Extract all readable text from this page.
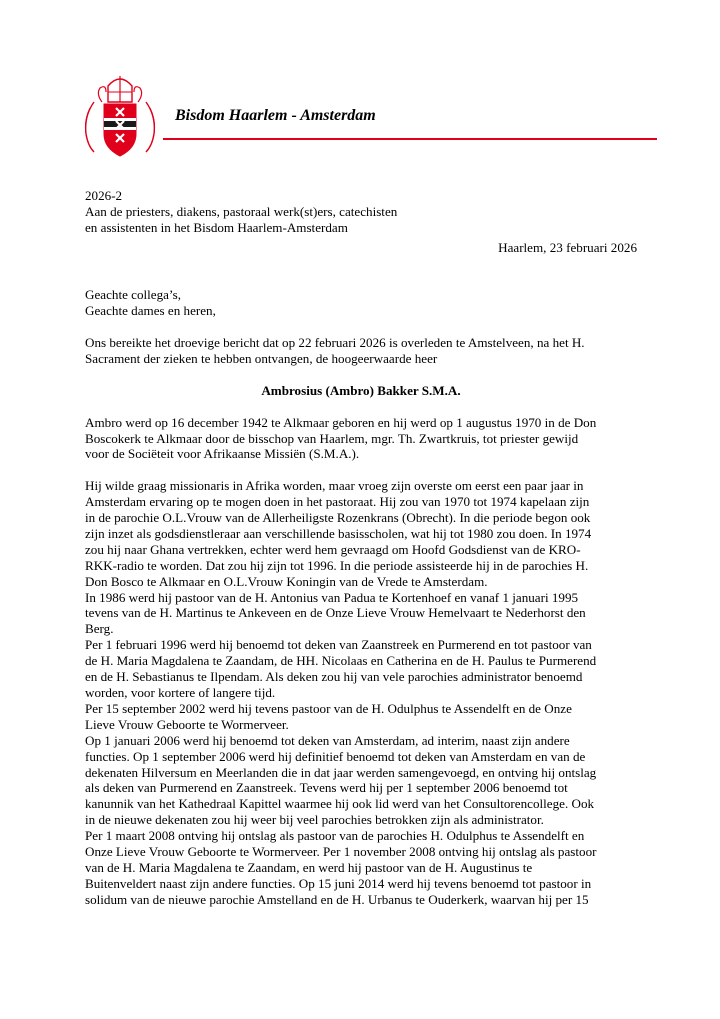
Bisdom Haarlem - Amsterdam
2026-2
Aan de priesters, diakens, pastoraal werk(st)ers, catechisten
en assistenten in het Bisdom Haarlem-Amsterdam
Haarlem, 23 februari 2026
Geachte collega’s,
Geachte dames en heren,
Ons bereikte het droevige bericht dat op 22 februari 2026 is overleden te Amstelveen, na het H.
Sacrament der zieken te hebben ontvangen, de hoogeerwaarde heer
Ambrosius (Ambro) Bakker S.M.A.
Ambro werd op 16 december 1942 te Alkmaar geboren en hij werd op 1 augustus 1970 in de Don
Boscokerk te Alkmaar door de bisschop van Haarlem, mgr. Th. Zwartkruis, tot priester gewijd
voor de Sociëteit voor Afrikaanse Missiën (S.M.A.).
Hij wilde graag missionaris in Afrika worden, maar vroeg zijn overste om eerst een paar jaar in
Amsterdam ervaring op te mogen doen in het pastoraat. Hij zou van 1970 tot 1974 kapelaan zijn
in de parochie O.L.Vrouw van de Allerheiligste Rozenkrans (Obrecht). In die periode begon ook
zijn inzet als godsdienstleraar aan verschillende basisscholen, wat hij tot 1980 zou doen. In 1974
zou hij naar Ghana vertrekken, echter werd hem gevraagd om Hoofd Godsdienst van de KRO-
RKK-radio te worden. Dat zou hij zijn tot 1996. In die periode assisteerde hij in de parochies H.
Don Bosco te Alkmaar en O.L.Vrouw Koningin van de Vrede te Amsterdam.
In 1986 werd hij pastoor van de H. Antonius van Padua te Kortenhoef en vanaf 1 januari 1995
tevens van de H. Martinus te Ankeveen en de Onze Lieve Vrouw Hemelvaart te Nederhorst den
Berg.
Per 1 februari 1996 werd hij benoemd tot deken van Zaanstreek en Purmerend en tot pastoor van
de H. Maria Magdalena te Zaandam, de HH. Nicolaas en Catherina en de H. Paulus te Purmerend
en de H. Sebastianus te Ilpendam. Als deken zou hij van vele parochies administrator benoemd
worden, voor kortere of langere tijd.
Per 15 september 2002 werd hij tevens pastoor van de H. Odulphus te Assendelft en de Onze
Lieve Vrouw Geboorte te Wormerveer.
Op 1 januari 2006 werd hij benoemd tot deken van Amsterdam, ad interim, naast zijn andere
functies. Op 1 september 2006 werd hij definitief benoemd tot deken van Amsterdam en van de
dekenaten Hilversum en Meerlanden die in dat jaar werden samengevoegd, en ontving hij ontslag
als deken van Purmerend en Zaanstreek. Tevens werd hij per 1 september 2006 benoemd tot
kanunnik van het Kathedraal Kapittel waarmee hij ook lid werd van het Consultorencollege. Ook
in de nieuwe dekenaten zou hij weer bij veel parochies betrokken zijn als administrator.
Per 1 maart 2008 ontving hij ontslag als pastoor van de parochies H. Odulphus te Assendelft en
Onze Lieve Vrouw Geboorte te Wormerveer. Per 1 november 2008 ontving hij ontslag als pastoor
van de H. Maria Magdalena te Zaandam, en werd hij pastoor van de H. Augustinus te
Buitenveldert naast zijn andere functies. Op 15 juni 2014 werd hij tevens benoemd tot pastoor in
solidum van de nieuwe parochie Amstelland en de H. Urbanus te Ouderkerk, waarvan hij per 15
